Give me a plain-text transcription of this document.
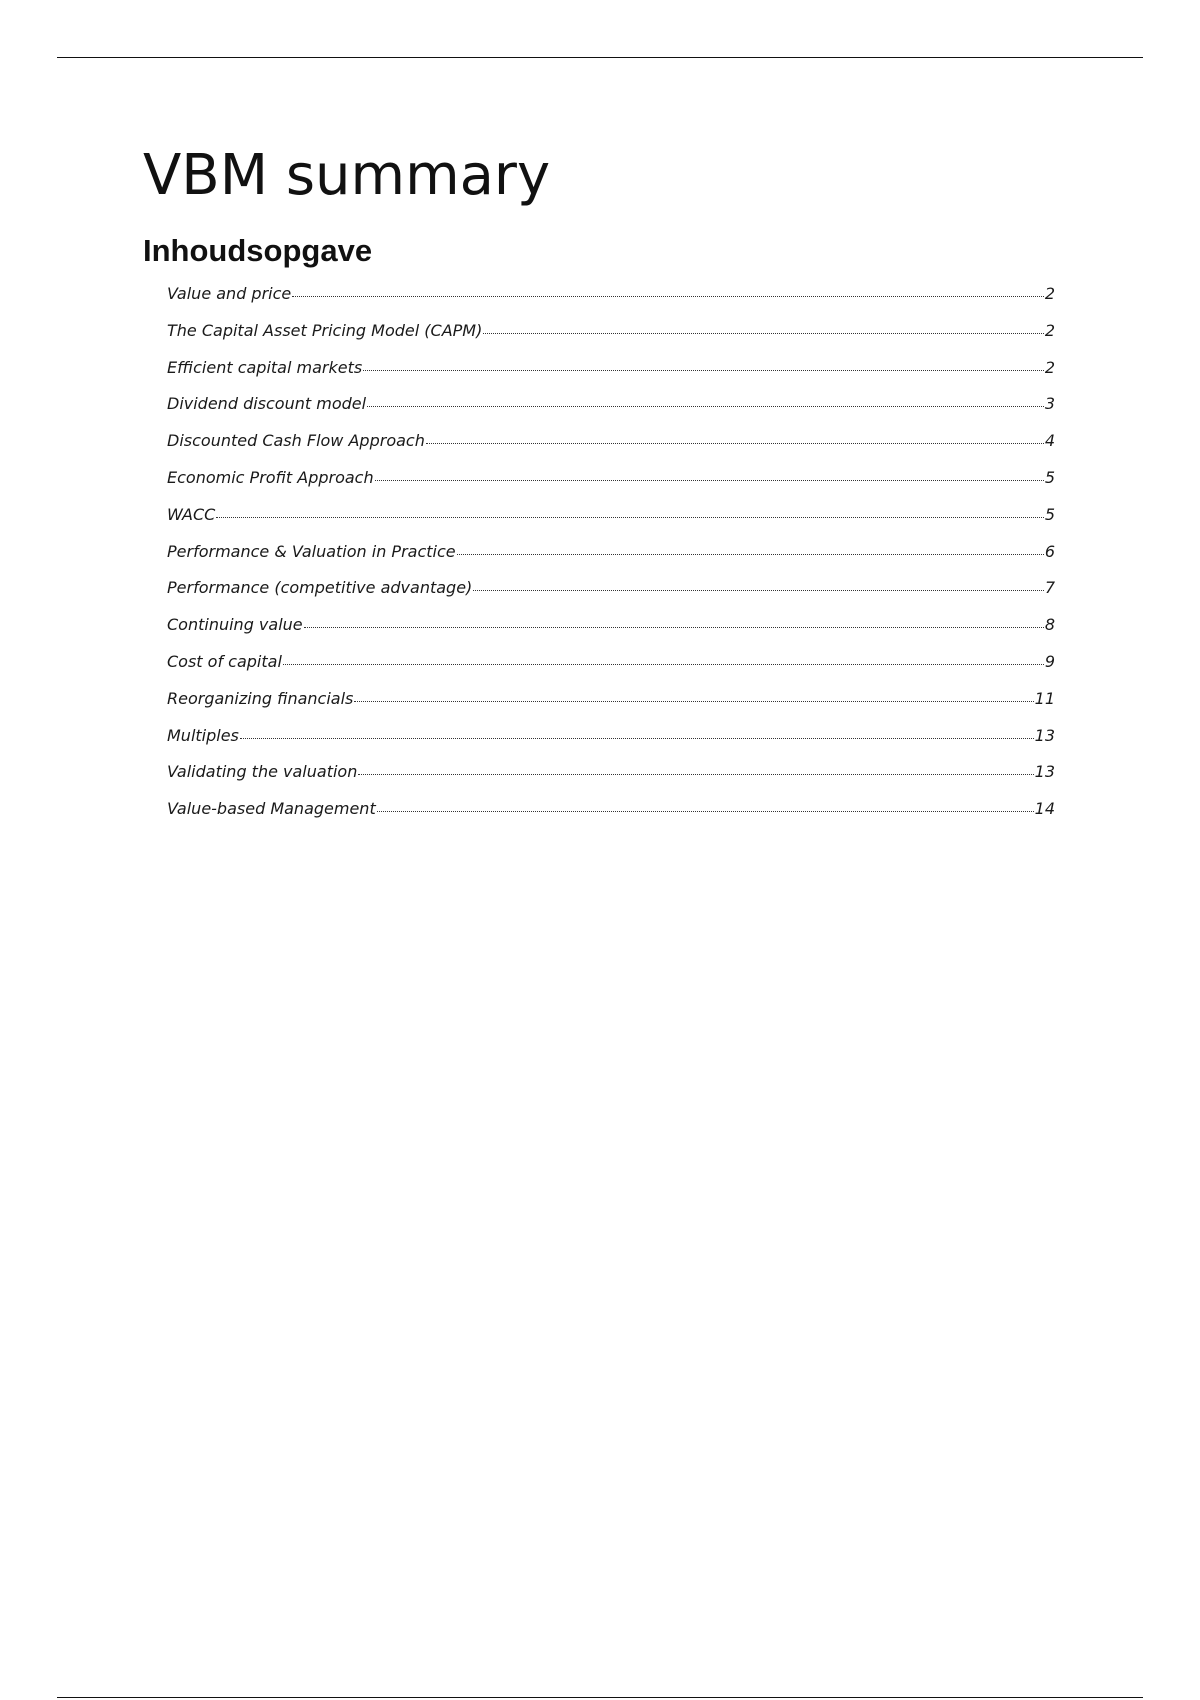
VBM summary
Inhoudsopgave
Value and price	2
The Capital Asset Pricing Model (CAPM)	2
Efficient capital markets	2
Dividend discount model	3
Discounted Cash Flow Approach	4
Economic Profit Approach	5
WACC	5
Performance & Valuation in Practice	6
Performance (competitive advantage)	7
Continuing value	8
Cost of capital	9
Reorganizing financials	11
Multiples	13
Validating the valuation	13
Value-based Management	14
